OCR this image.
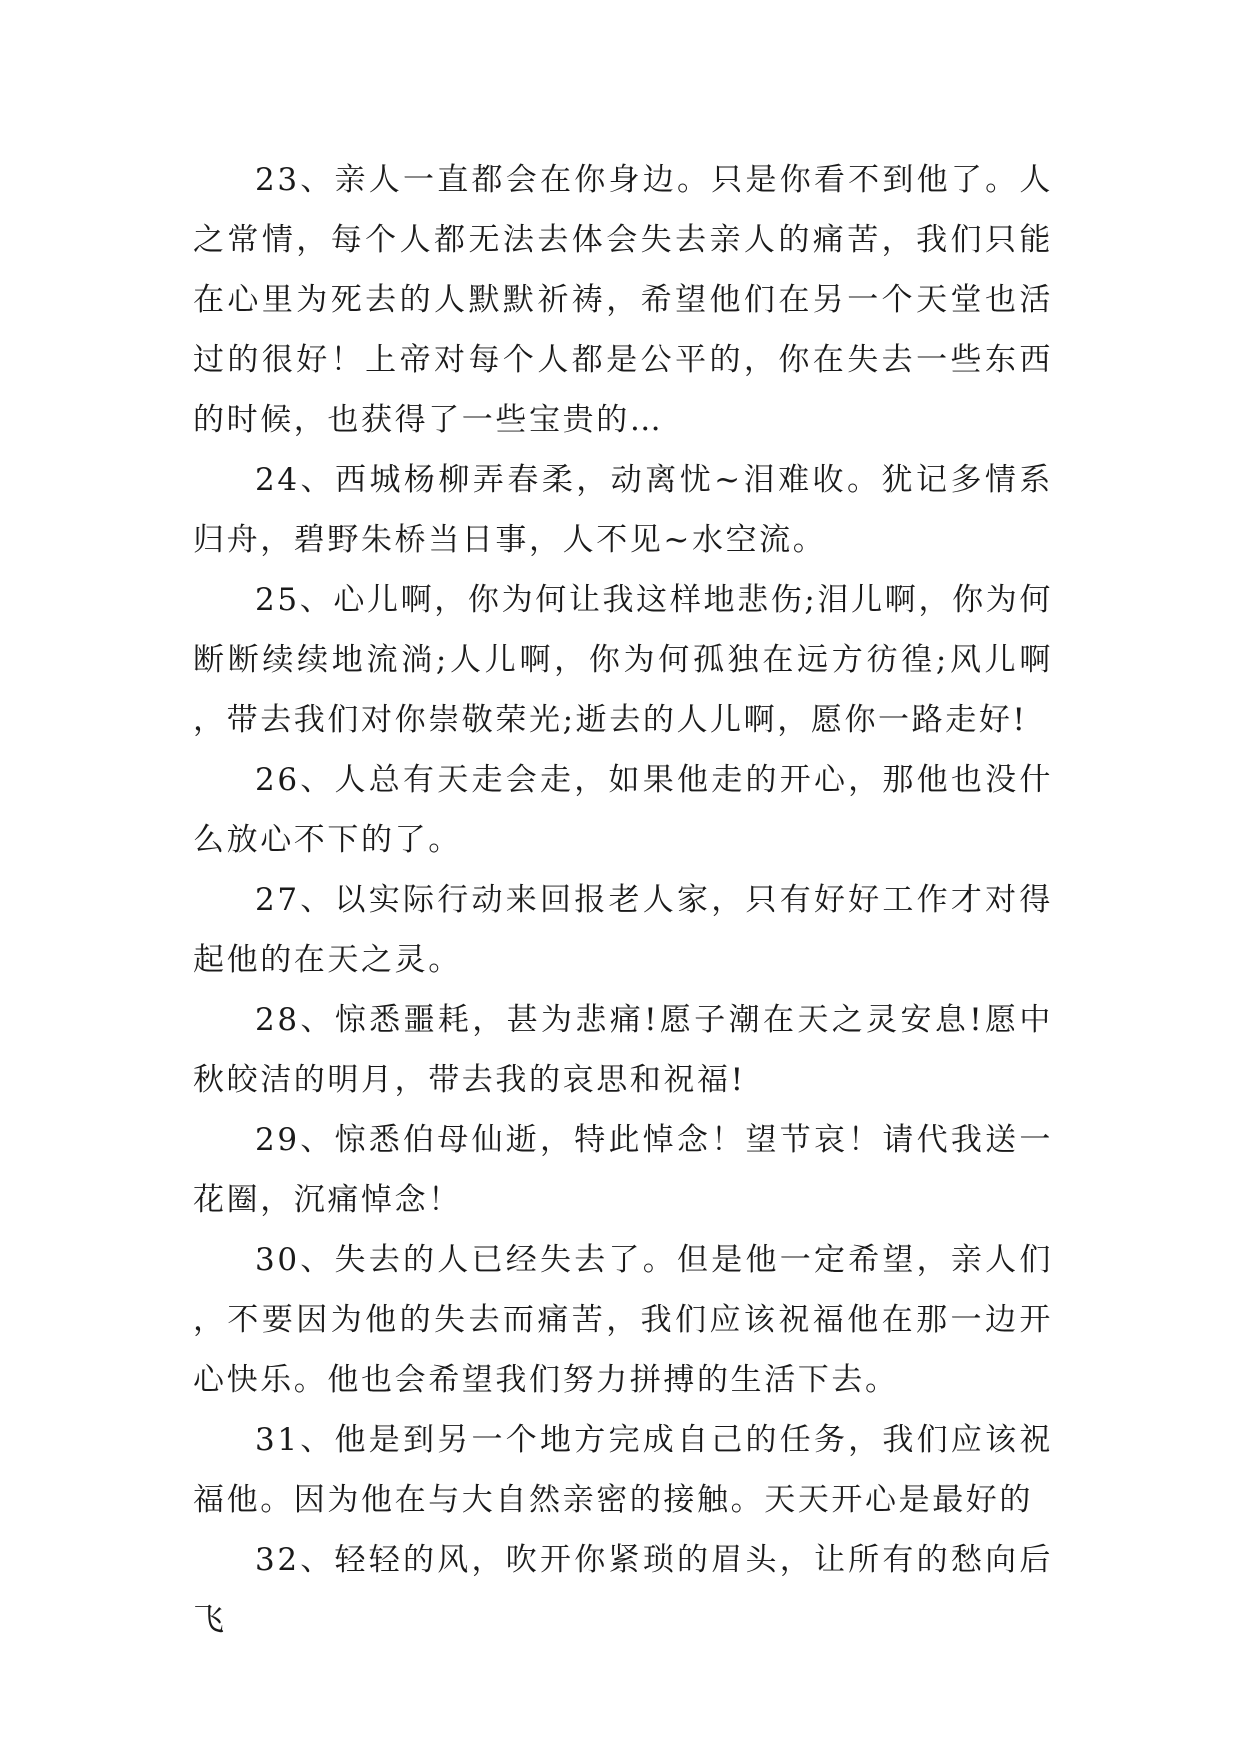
23、亲人一直都会在你身边。只是你看不到他了。人之常情，每个人都无法去体会失去亲人的痛苦，我们只能在心里为死去的人默默祈祷，希望他们在另一个天堂也活过的很好！上帝对每个人都是公平的，你在失去一些东西的时候，也获得了一些宝贵的…

24、西城杨柳弄春柔，动离忧~泪难收。犹记多情系归舟，碧野朱桥当日事，人不见~水空流。

25、心儿啊，你为何让我这样地悲伤;泪儿啊，你为何断断续续地流淌;人儿啊，你为何孤独在远方彷徨;风儿啊，带去我们对你崇敬荣光;逝去的人儿啊，愿你一路走好!

26、人总有天走会走，如果他走的开心，那他也没什么放心不下的了。

27、以实际行动来回报老人家，只有好好工作才对得起他的在天之灵。

28、惊悉噩耗，甚为悲痛!愿子潮在天之灵安息!愿中秋皎洁的明月，带去我的哀思和祝福!

29、惊悉伯母仙逝，特此悼念！望节哀！请代我送一花圈，沉痛悼念！

30、失去的人已经失去了。但是他一定希望，亲人们，不要因为他的失去而痛苦，我们应该祝福他在那一边开心快乐。他也会希望我们努力拼搏的生活下去。

31、他是到另一个地方完成自己的任务，我们应该祝福他。因为他在与大自然亲密的接触。天天开心是最好的

32、轻轻的风，吹开你紧琐的眉头，让所有的愁向后飞
